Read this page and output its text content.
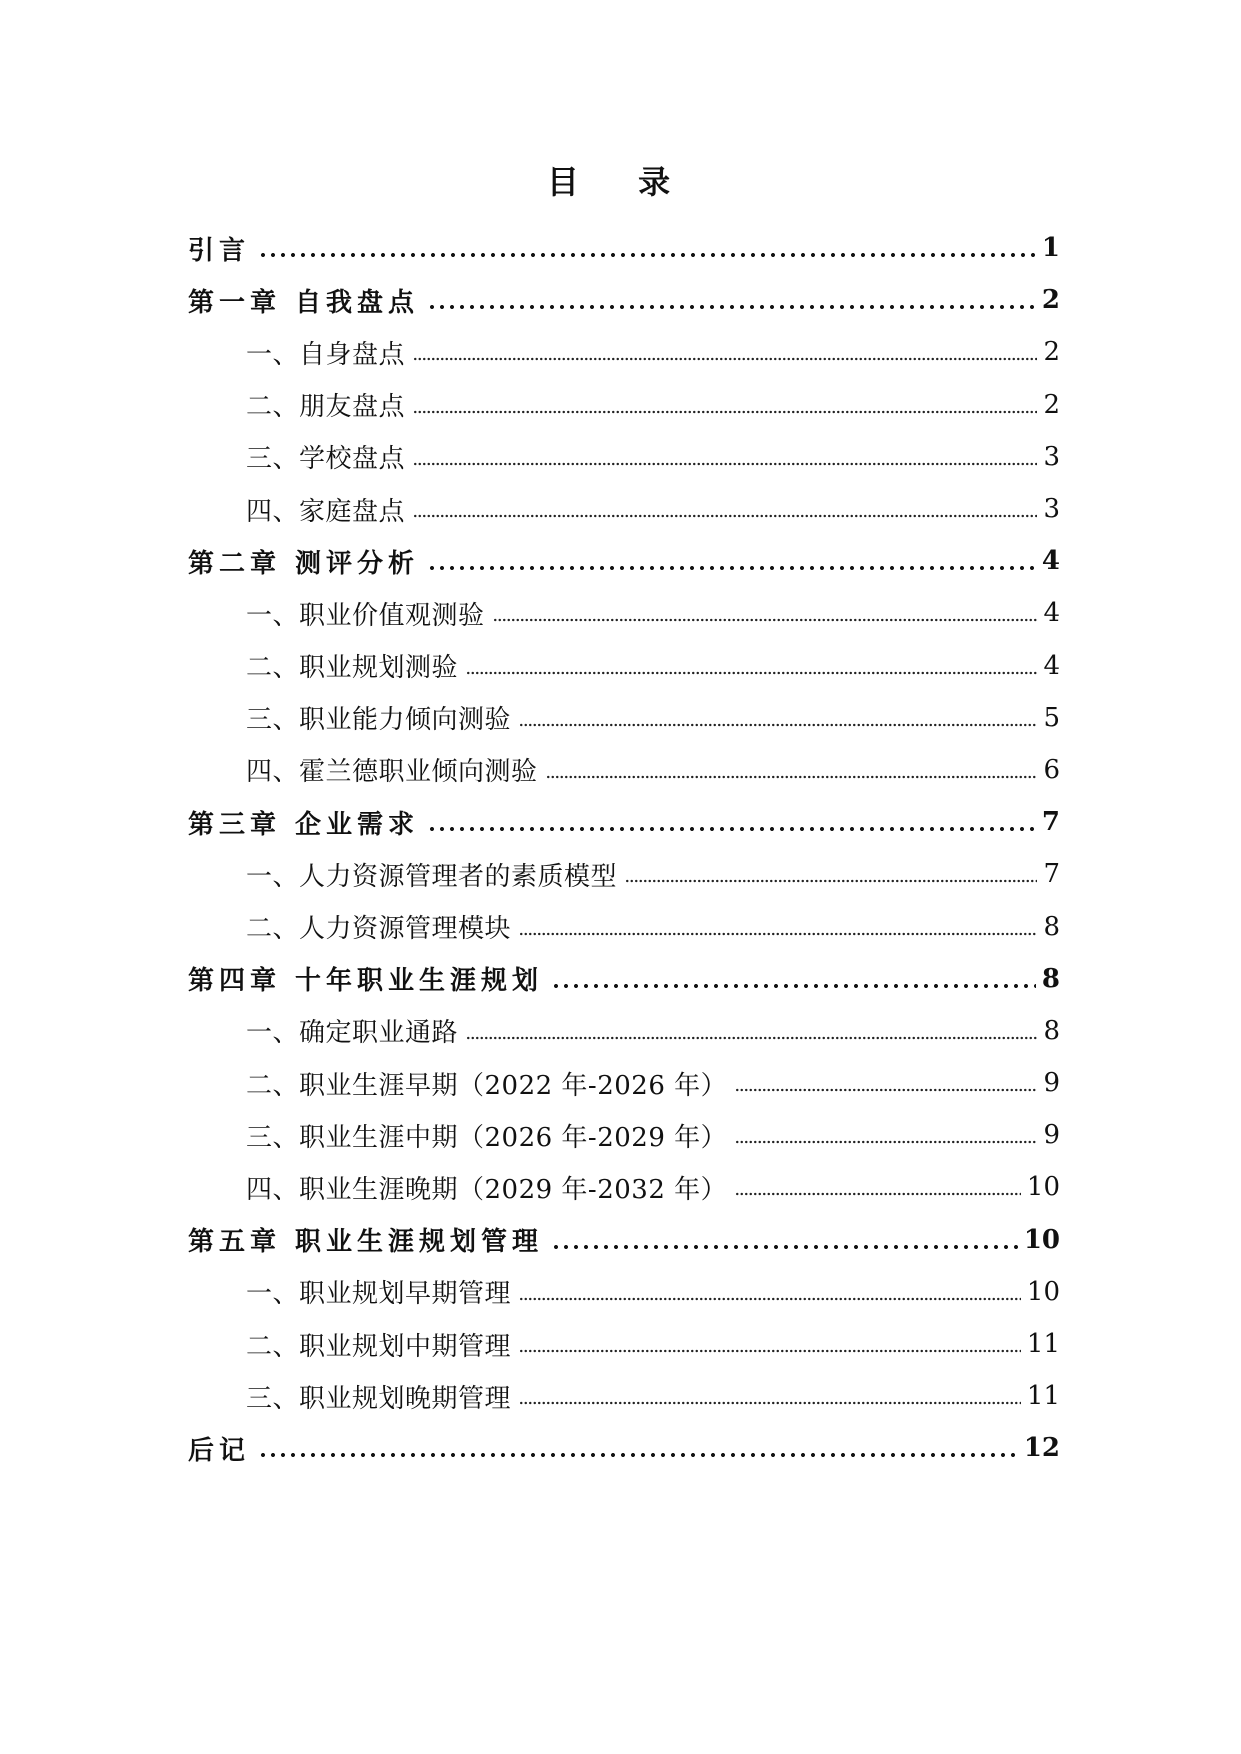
目 录
引言	1
第一章 自我盘点	2
一、自身盘点	2
二、朋友盘点	2
三、学校盘点	3
四、家庭盘点	3
第二章 测评分析	4
一、职业价值观测验	4
二、职业规划测验	4
三、职业能力倾向测验	5
四、霍兰德职业倾向测验	6
第三章 企业需求	7
一、人力资源管理者的素质模型	7
二、人力资源管理模块	8
第四章 十年职业生涯规划	8
一、确定职业通路	8
二、职业生涯早期（2022 年-2026 年）	9
三、职业生涯中期（2026 年-2029 年）	9
四、职业生涯晚期（2029 年-2032 年）	10
第五章 职业生涯规划管理	10
一、职业规划早期管理	10
二、职业规划中期管理	11
三、职业规划晚期管理	11
后记	12
